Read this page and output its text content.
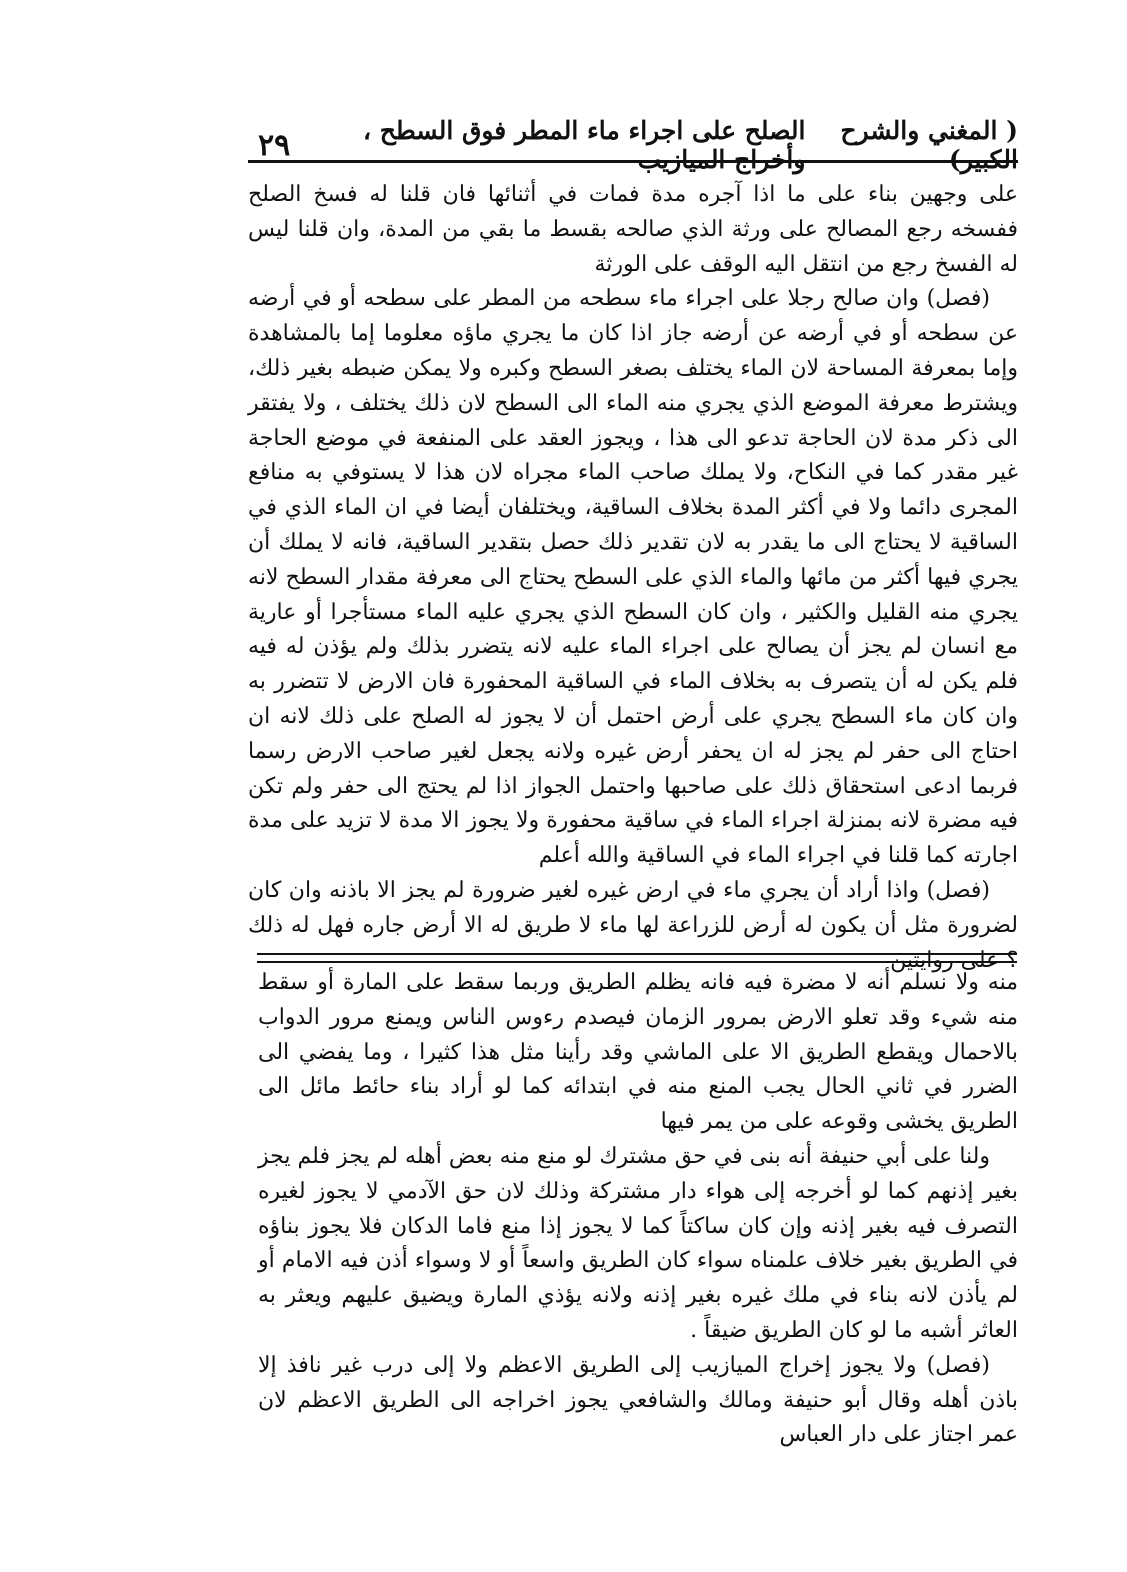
( المغني والشرح الكبير)
الصلح على اجراء ماء المطر فوق السطح ، وأخراج الميازيب
٢٩

على وجهين بناء على ما اذا آجره مدة فمات في أثنائها فان قلنا له فسخ الصلح ففسخه رجع المصالح على ورثة الذي صالحه بقسط ما بقي من المدة، وان قلنا ليس له الفسخ رجع من انتقل اليه الوقف على الورثة

(فصل) وان صالح رجلا على اجراء ماء سطحه من المطر على سطحه أو في أرضه عن سطحه أو في أرضه عن أرضه جاز اذا كان ما يجري ماؤه معلوما إما بالمشاهدة وإما بمعرفة المساحة لان الماء يختلف بصغر السطح وكبره ولا يمكن ضبطه بغير ذلك، ويشترط معرفة الموضع الذي يجري منه الماء الى السطح لان ذلك يختلف ، ولا يفتقر الى ذكر مدة لان الحاجة تدعو الى هذا ، ويجوز العقد على المنفعة في موضع الحاجة غير مقدر كما في النكاح، ولا يملك صاحب الماء مجراه لان هذا لا يستوفي به منافع المجرى دائما ولا في أكثر المدة بخلاف الساقية، ويختلفان أيضا في ان الماء الذي في الساقية لا يحتاج الى ما يقدر به لان تقدير ذلك حصل بتقدير الساقية، فانه لا يملك أن يجري فيها أكثر من مائها والماء الذي على السطح يحتاج الى معرفة مقدار السطح لانه يجري منه القليل والكثير ، وان كان السطح الذي يجري عليه الماء مستأجرا أو عارية مع انسان لم يجز أن يصالح على اجراء الماء عليه لانه يتضرر بذلك ولم يؤذن له فيه فلم يكن له أن يتصرف به بخلاف الماء في الساقية المحفورة فان الارض لا تتضرر به وان كان ماء السطح يجري على أرض احتمل أن لا يجوز له الصلح على ذلك لانه ان احتاج الى حفر لم يجز له ان يحفر أرض غيره ولانه يجعل لغير صاحب الارض رسما فربما ادعى استحقاق ذلك على صاحبها واحتمل الجواز اذا لم يحتج الى حفر ولم تكن فيه مضرة لانه بمنزلة اجراء الماء في ساقية محفورة ولا يجوز الا مدة لا تزيد على مدة اجارته كما قلنا في اجراء الماء في الساقية والله أعلم

(فصل) واذا أراد أن يجري ماء في ارض غيره لغير ضرورة لم يجز الا باذنه وان كان لضرورة مثل أن يكون له أرض للزراعة لها ماء لا طريق له الا أرض جاره فهل له ذلك ؟ على روايتين

منه ولا نسلم أنه لا مضرة فيه فانه يظلم الطريق وربما سقط على المارة أو سقط منه شيء وقد تعلو الارض بمرور الزمان فيصدم رءوس الناس ويمنع مرور الدواب بالاحمال ويقطع الطريق الا على الماشي وقد رأينا مثل هذا كثيرا ، وما يفضي الى الضرر في ثاني الحال يجب المنع منه في ابتدائه كما لو أراد بناء حائط مائل الى الطريق يخشى وقوعه على من يمر فيها

ولنا على أبي حنيفة أنه بنى في حق مشترك لو منع منه بعض أهله لم يجز فلم يجز بغير إذنهم كما لو أخرجه إلى هواء دار مشتركة وذلك لان حق الآدمي لا يجوز لغيره التصرف فيه بغير إذنه وإن كان ساكتاً كما لا يجوز إذا منع فاما الدكان فلا يجوز بناؤه في الطريق بغير خلاف علمناه سواء كان الطريق واسعاً أو لا وسواء أذن فيه الامام أو لم يأذن لانه بناء في ملك غيره بغير إذنه ولانه يؤذي المارة ويضيق عليهم ويعثر به العاثر أشبه ما لو كان الطريق ضيقاً .

(فصل) ولا يجوز إخراج الميازيب إلى الطريق الاعظم ولا إلى درب غير نافذ إلا باذن أهله وقال أبو حنيفة ومالك والشافعي يجوز اخراجه الى الطريق الاعظم لان عمر اجتاز على دار العباس
